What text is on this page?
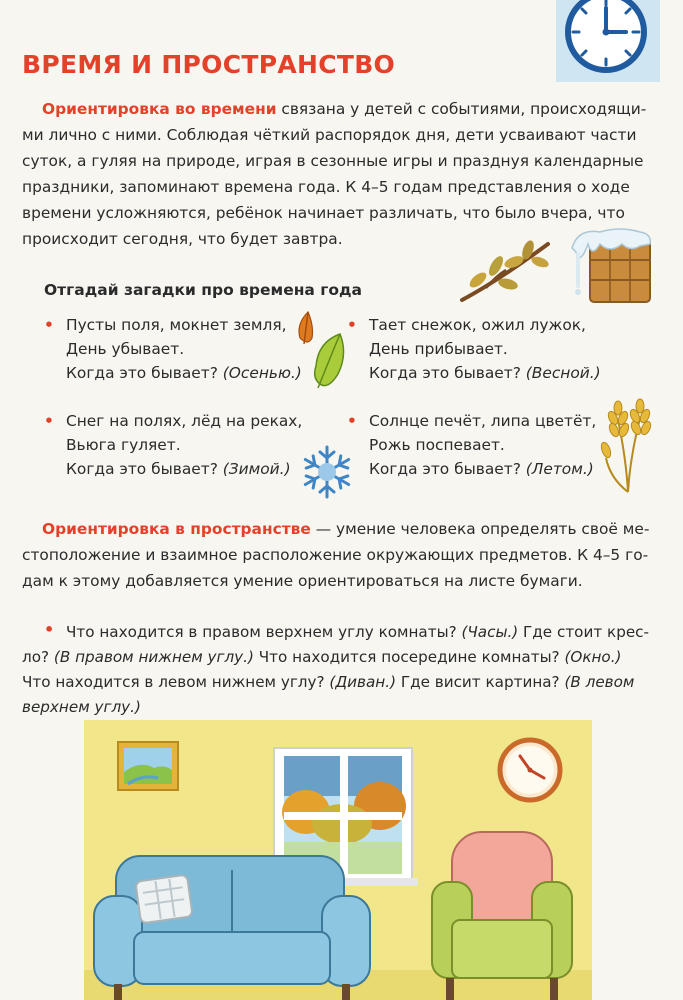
ВРЕМЯ И ПРОСТРАНСТВО
Ориентировка во времени связана у детей с событиями, происходящи-
ми лично с ними. Соблюдая чёткий распорядок дня, дети усваивают части
суток, а гуляя на природе, играя в сезонные игры и празднуя календарные
праздники, запоминают времена года. К 4–5 годам представления о ходе
времени усложняются, ребёнок начинает различать, что было вчера, что
происходит сегодня, что будет завтра.
Отгадай загадки про времена года
• Пусты поля, мокнет земля,
День убывает.
Когда это бывает? (Осенью.)
• Тает снежок, ожил лужок,
День прибывает.
Когда это бывает? (Весной.)
• Снег на полях, лёд на реках,
Вьюга гуляет.
Когда это бывает? (Зимой.)
• Солнце печёт, липа цветёт,
Рожь поспевает.
Когда это бывает? (Летом.)
Ориентировка в пространстве — умение человека определять своё ме-
стоположение и взаимное расположение окружающих предметов. К 4–5 го-
дам к этому добавляется умение ориентироваться на листе бумаги.
• Что находится в правом верхнем углу комнаты? (Часы.) Где стоит крес-
ло? (В правом нижнем углу.) Что находится посередине комнаты? (Окно.)
Что находится в левом нижнем углу? (Диван.) Где висит картина? (В левом
верхнем углу.)
